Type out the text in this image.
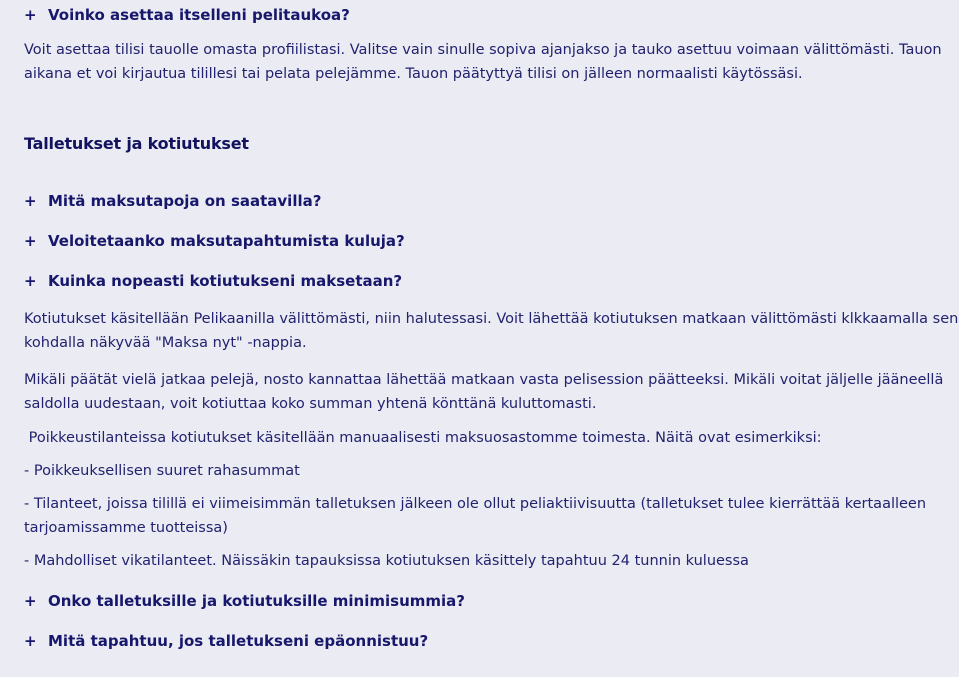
+ Voinko asettaa itselleni pelitaukoa?
Voit asettaa tilisi tauolle omasta profiilistasi. Valitse vain sinulle sopiva ajanjakso ja tauko asettuu voimaan välittömästi. Tauon aikana et voi kirjautua tilillesi tai pelata pelejämme. Tauon päätyttyä tilisi on jälleen normaalisti käytössäsi.
Talletukset ja kotiutukset
+ Mitä maksutapoja on saatavilla?
+ Veloitetaanko maksutapahtumista kuluja?
+ Kuinka nopeasti kotiutukseni maksetaan?
Kotiutukset käsitellään Pelikaanilla välittömästi, niin halutessasi. Voit lähettää kotiutuksen matkaan välittömästi klkkaamalla sen kohdalla näkyvää "Maksa nyt" -nappia.
Mikäli päätät vielä jatkaa pelejä, nosto kannattaa lähettää matkaan vasta pelisession päätteeksi. Mikäli voitat jäljelle jääneellä saldolla uudestaan, voit kotiuttaa koko summan yhtenä könttänä kuluttomasti.
Poikkeustilanteissa kotiutukset käsitellään manuaalisesti maksuosastomme toimesta. Näitä ovat esimerkiksi:
- Poikkeuksellisen suuret rahasummat
- Tilanteet, joissa tilillä ei viimeisimmän talletuksen jälkeen ole ollut peliaktiivisuutta (talletukset tulee kierrättää kertaalleen tarjoamissamme tuotteissa)
- Mahdolliset vikatilanteet. Näissäkin tapauksissa kotiutuksen käsittely tapahtuu 24 tunnin kuluessa
+ Onko talletuksille ja kotiutuksille minimisummia?
+ Mitä tapahtuu, jos talletukseni epäonnistuu?
